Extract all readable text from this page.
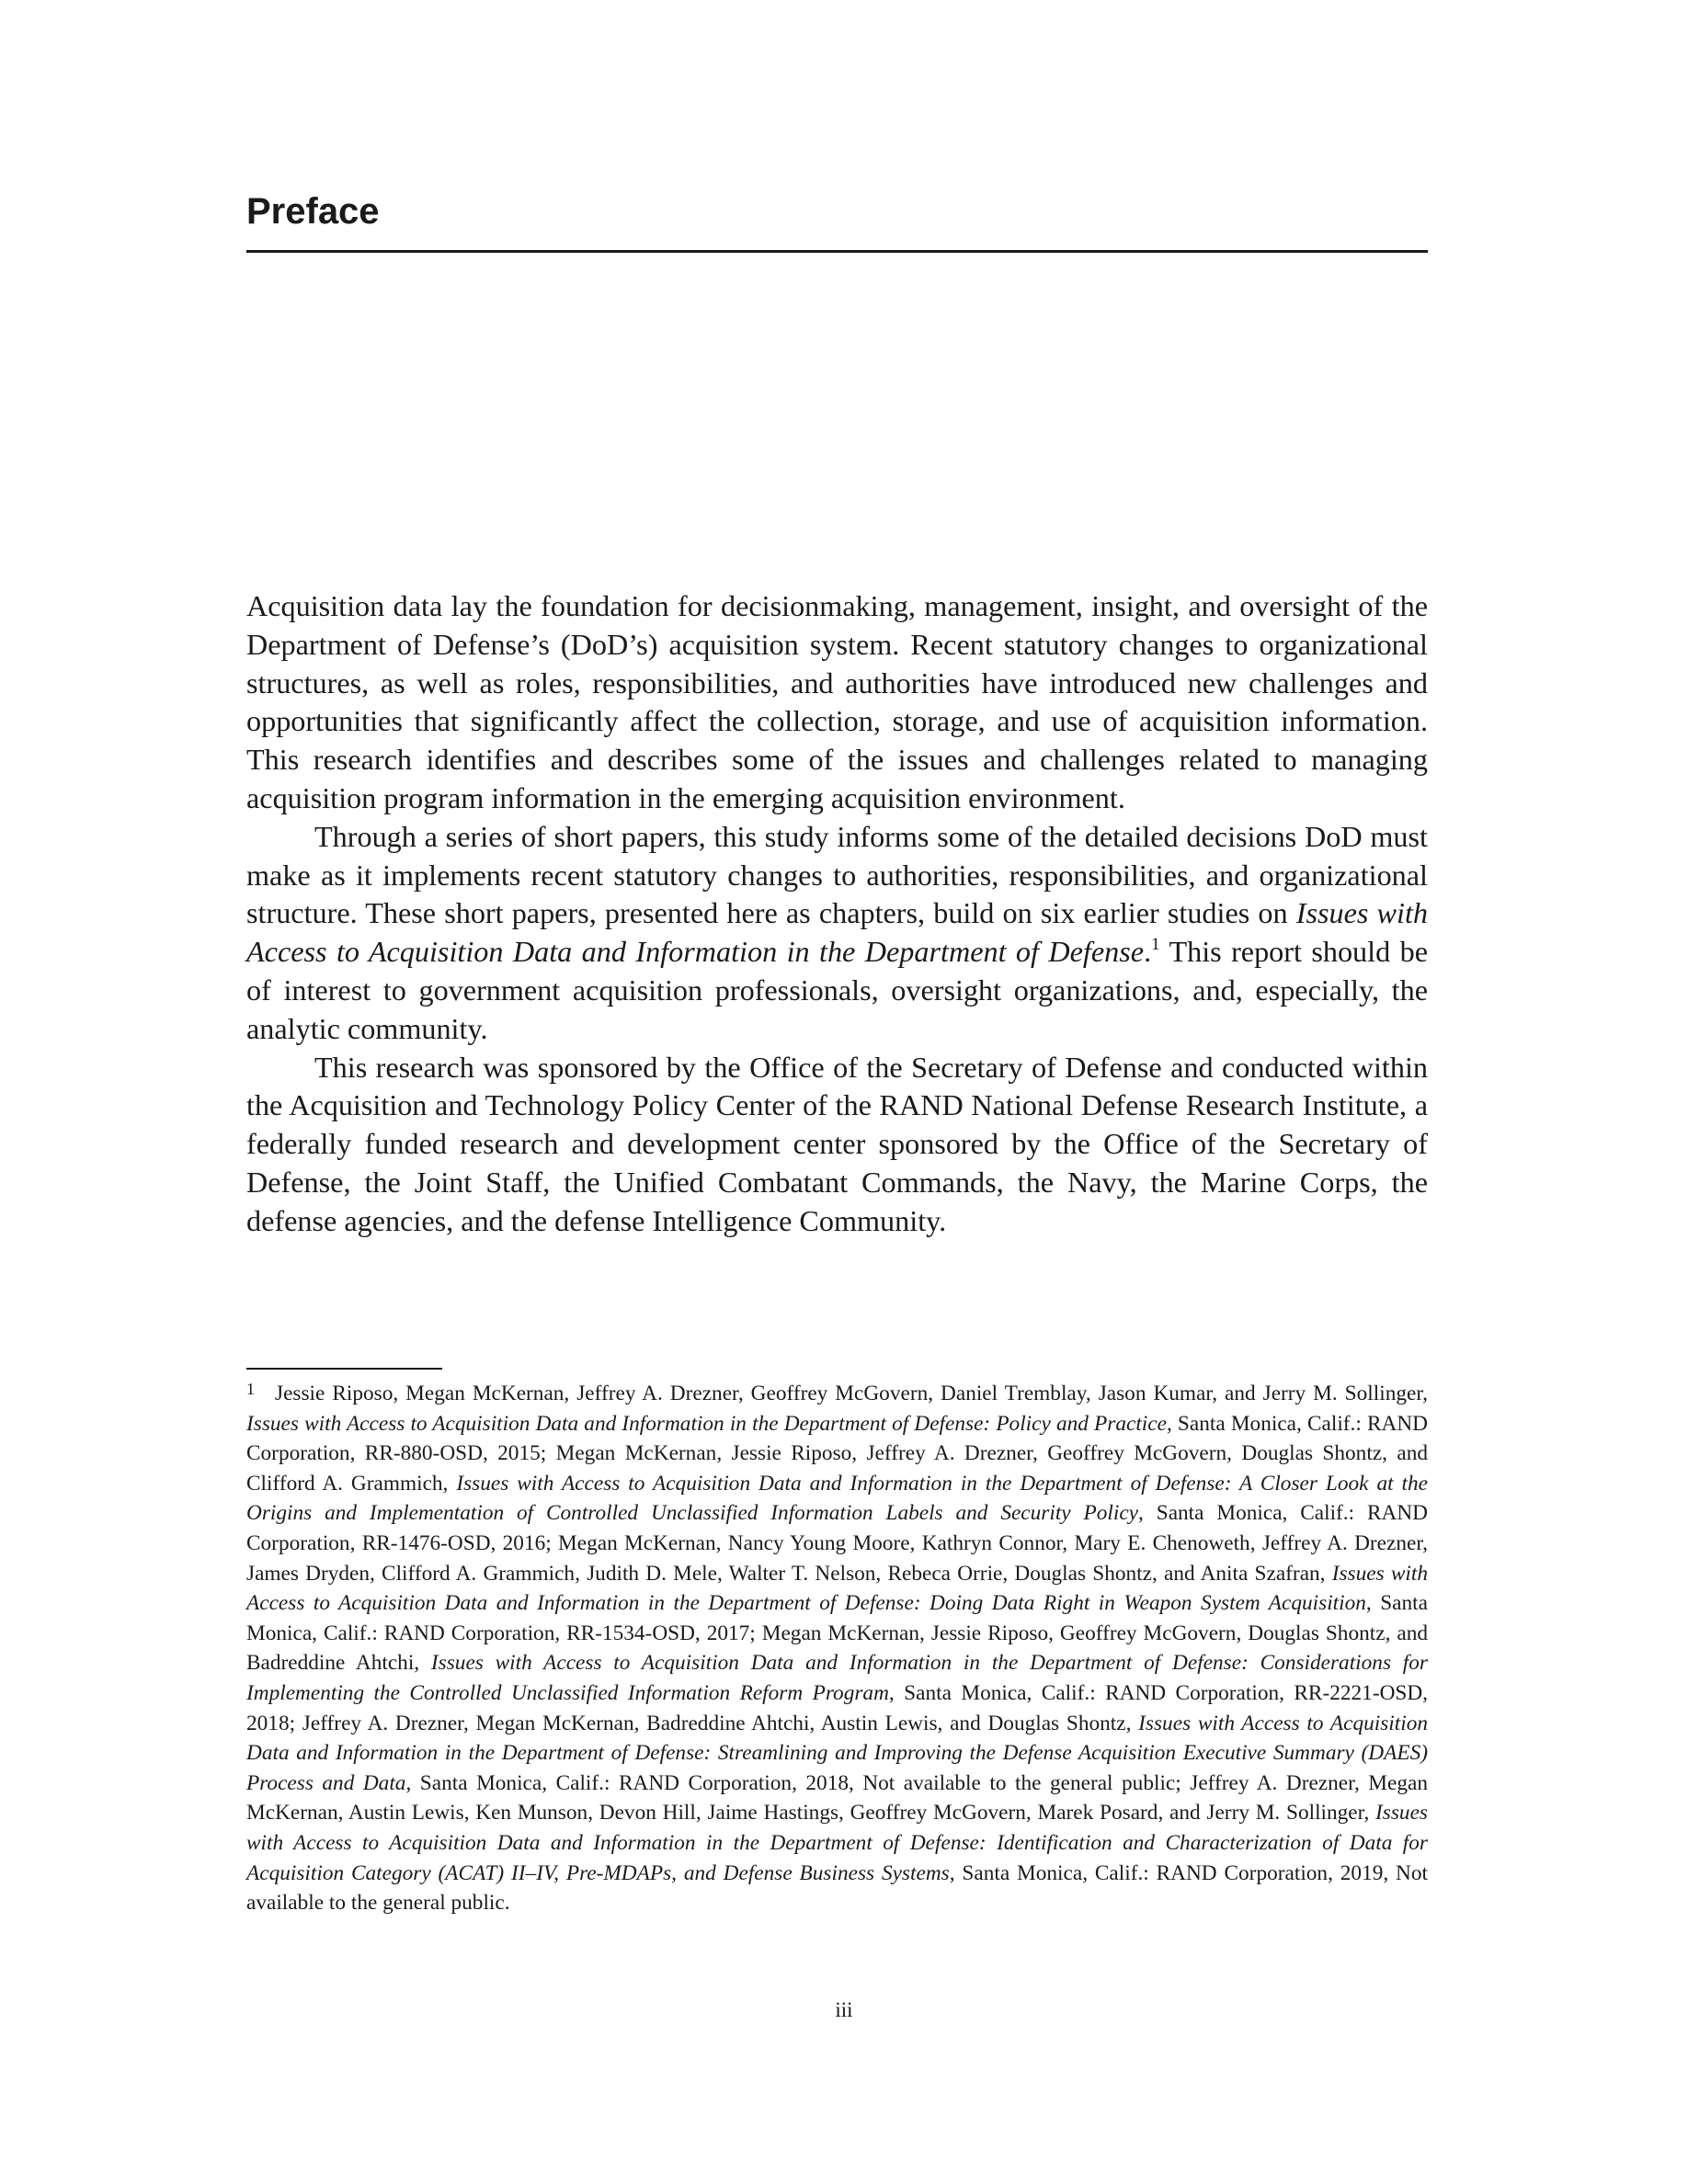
Preface

Acquisition data lay the foundation for decisionmaking, management, insight, and oversight of the Department of Defense’s (DoD’s) acquisition system. Recent statutory changes to organizational structures, as well as roles, responsibilities, and authorities have introduced new challenges and opportunities that significantly affect the collection, storage, and use of acquisition information. This research identifies and describes some of the issues and challenges related to managing acquisition program information in the emerging acquisition environment.

Through a series of short papers, this study informs some of the detailed decisions DoD must make as it implements recent statutory changes to authorities, responsibilities, and organizational structure. These short papers, presented here as chapters, build on six earlier studies on Issues with Access to Acquisition Data and Information in the Department of Defense.$^1$ This report should be of interest to government acquisition professionals, oversight organizations, and, especially, the analytic community.

This research was sponsored by the Office of the Secretary of Defense and conducted within the Acquisition and Technology Policy Center of the RAND National Defense Research Institute, a federally funded research and development center sponsored by the Office of the Secretary of Defense, the Joint Staff, the Unified Combatant Commands, the Navy, the Marine Corps, the defense agencies, and the defense Intelligence Community.

$^1$ Jessie Riposo, Megan McKernan, Jeffrey A. Drezner, Geoffrey McGovern, Daniel Tremblay, Jason Kumar, and Jerry M. Sollinger, Issues with Access to Acquisition Data and Information in the Department of Defense: Policy and Practice, Santa Monica, Calif.: RAND Corporation, RR-880-OSD, 2015; Megan McKernan, Jessie Riposo, Jeffrey A. Drezner, Geoffrey McGovern, Douglas Shontz, and Clifford A. Grammich, Issues with Access to Acquisition Data and Information in the Department of Defense: A Closer Look at the Origins and Implementation of Controlled Unclassified Information Labels and Security Policy, Santa Monica, Calif.: RAND Corporation, RR-1476-OSD, 2016; Megan McKernan, Nancy Young Moore, Kathryn Connor, Mary E. Chenoweth, Jeffrey A. Drezner, James Dryden, Clifford A. Grammich, Judith D. Mele, Walter T. Nelson, Rebeca Orrie, Douglas Shontz, and Anita Szafran, Issues with Access to Acquisition Data and Information in the Department of Defense: Doing Data Right in Weapon System Acquisition, Santa Monica, Calif.: RAND Corporation, RR-1534-OSD, 2017; Megan McKernan, Jessie Riposo, Geoffrey McGovern, Douglas Shontz, and Badreddine Ahtchi, Issues with Access to Acquisition Data and Information in the Department of Defense: Considerations for Implementing the Controlled Unclassified Information Reform Program, Santa Monica, Calif.: RAND Corporation, RR-2221-OSD, 2018; Jeffrey A. Drezner, Megan McKernan, Badreddine Ahtchi, Austin Lewis, and Douglas Shontz, Issues with Access to Acquisition Data and Information in the Department of Defense: Streamlining and Improving the Defense Acquisition Executive Summary (DAES) Process and Data, Santa Monica, Calif.: RAND Corporation, 2018, Not available to the general public; Jeffrey A. Drezner, Megan McKernan, Austin Lewis, Ken Munson, Devon Hill, Jaime Hastings, Geoffrey McGovern, Marek Posard, and Jerry M. Sollinger, Issues with Access to Acquisition Data and Information in the Department of Defense: Identification and Characterization of Data for Acquisition Category (ACAT) II–IV, Pre-MDAPs, and Defense Business Systems, Santa Monica, Calif.: RAND Corporation, 2019, Not available to the general public.

iii
